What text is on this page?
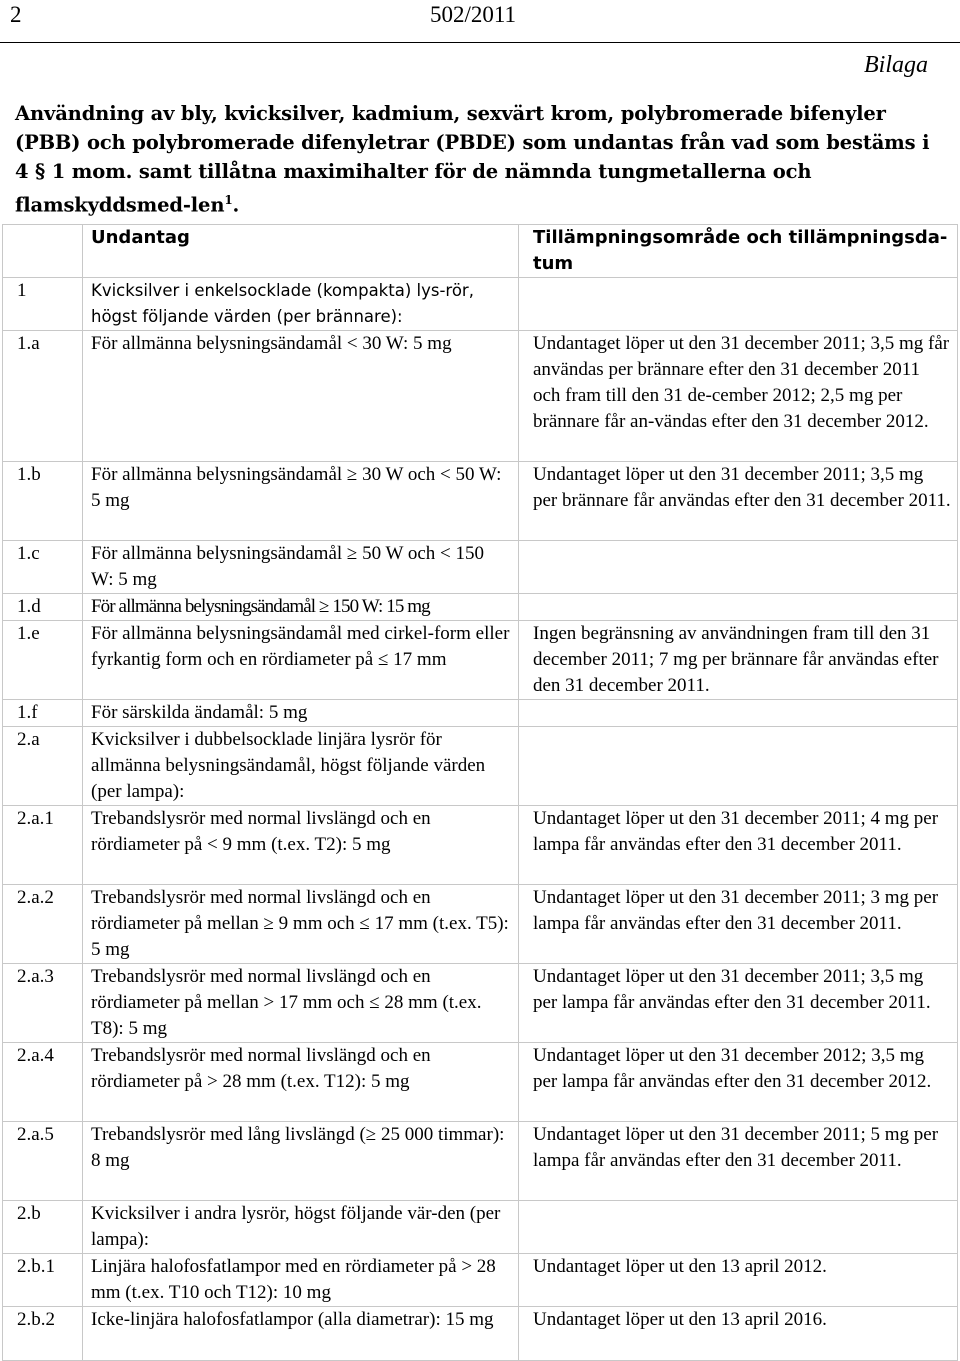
2	502/2011
Bilaga
Användning av bly, kvicksilver, kadmium, sexvärt krom, polybromerade bifenyler (PBB) och polybromerade difenyletrar (PBDE) som undantas från vad som bestäms i 4 § 1 mom. samt tillåtna maximihalter för de nämnda tungmetallerna och flamskyddsmed-len$^1$.
	Undantag	Tillämpningsområde och tillämpningsda-tum
1	Kvicksilver i enkelsocklade (kompakta) lys-rör, högst följande värden (per brännare):	
1.a	För allmänna belysningsändamål < 30 W: 5 mg	Undantaget löper ut den 31 december 2011; 3,5 mg får användas per brännare efter den 31 december 2011 och fram till den 31 de-cember 2012; 2,5 mg per brännare får an-vändas efter den 31 december 2012.
1.b	För allmänna belysningsändamål ≥ 30 W och < 50 W: 5 mg	Undantaget löper ut den 31 december 2011; 3,5 mg per brännare får användas efter den 31 december 2011.
1.c	För allmänna belysningsändamål ≥ 50 W och < 150 W: 5 mg	
1.d	För allmänna belysningsändamål ≥ 150 W: 15 mg	
1.e	För allmänna belysningsändamål med cirkel-form eller fyrkantig form och en rördiameter på ≤ 17 mm	Ingen begränsning av användningen fram till den 31 december 2011; 7 mg per brännare får användas efter den 31 december 2011.
1.f	För särskilda ändamål: 5 mg	
2.a	Kvicksilver i dubbelsocklade linjära lysrör för allmänna belysningsändamål, högst följande värden (per lampa):	
2.a.1	Trebandslysrör med normal livslängd och en rördiameter på < 9 mm (t.ex. T2): 5 mg	Undantaget löper ut den 31 december 2011; 4 mg per lampa får användas efter den 31 december 2011.
2.a.2	Trebandslysrör med normal livslängd och en rördiameter på mellan ≥ 9 mm och ≤ 17 mm (t.ex. T5): 5 mg	Undantaget löper ut den 31 december 2011; 3 mg per lampa får användas efter den 31 december 2011.
2.a.3	Trebandslysrör med normal livslängd och en rördiameter på mellan > 17 mm och ≤ 28 mm (t.ex. T8): 5 mg	Undantaget löper ut den 31 december 2011; 3,5 mg per lampa får användas efter den 31 december 2011.
2.a.4	Trebandslysrör med normal livslängd och en rördiameter på > 28 mm (t.ex. T12): 5 mg	Undantaget löper ut den 31 december 2012; 3,5 mg per lampa får användas efter den 31 december 2012.
2.a.5	Trebandslysrör med lång livslängd (≥ 25 000 timmar): 8 mg	Undantaget löper ut den 31 december 2011; 5 mg per lampa får användas efter den 31 december 2011.
2.b	Kvicksilver i andra lysrör, högst följande vär-den (per lampa):	
2.b.1	Linjära halofosfatlampor med en rördiameter på > 28 mm (t.ex. T10 och T12): 10 mg	Undantaget löper ut den 13 april 2012.
2.b.2	Icke-linjära halofosfatlampor (alla diametrar): 15 mg	Undantaget löper ut den 13 april 2016.
